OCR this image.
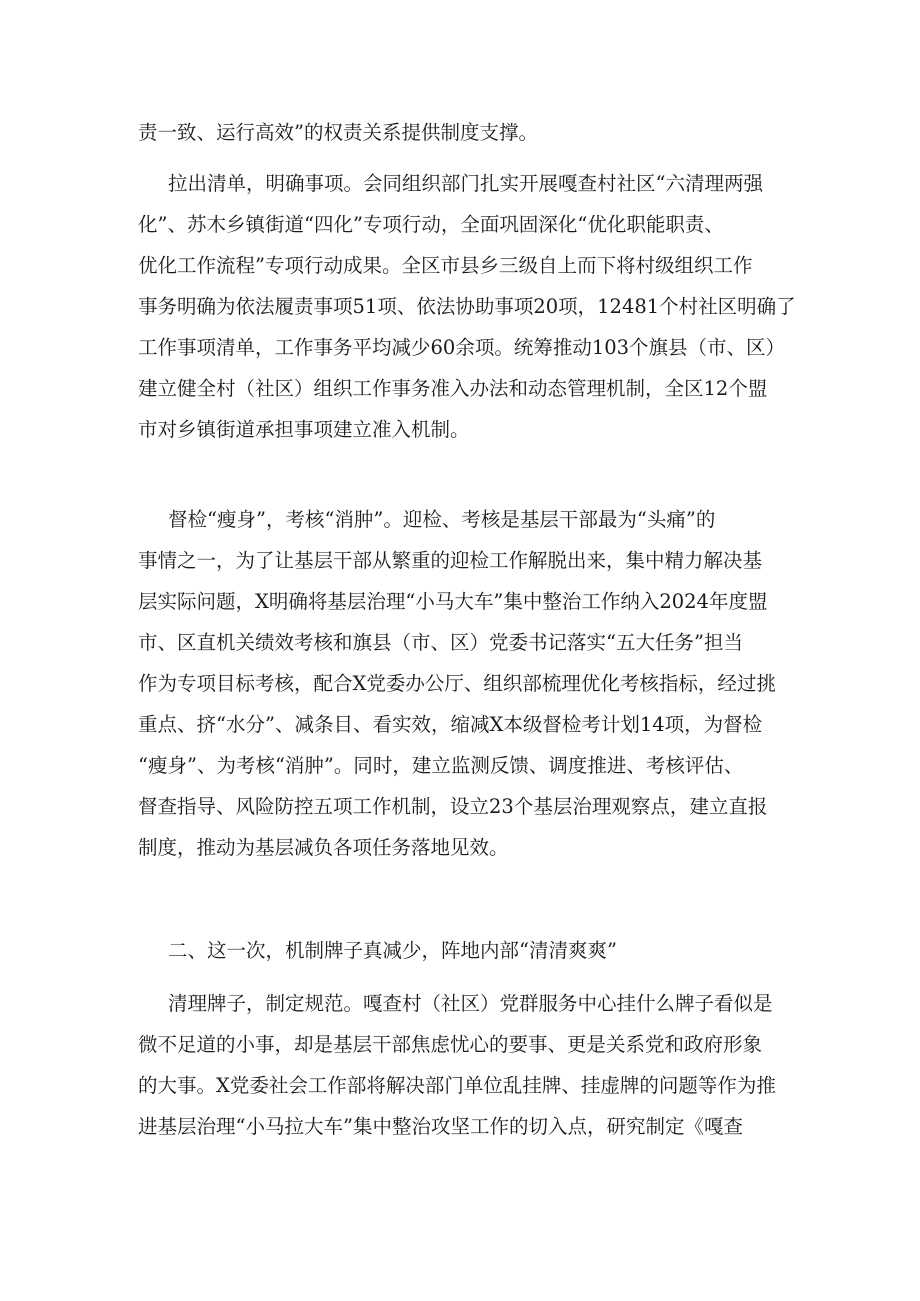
责一致、运行高效”的权责关系提供制度支撑。
拉出清单，明确事项。会同组织部门扎实开展嘎查村社区“六清理两强
化”、苏木乡镇街道“四化”专项行动，全面巩固深化“优化职能职责、
优化工作流程”专项行动成果。全区市县乡三级自上而下将村级组织工作
事务明确为依法履责事项51项、依法协助事项20项，12481个村社区明确了
工作事项清单，工作事务平均减少60余项。统筹推动103个旗县（市、区）
建立健全村（社区）组织工作事务准入办法和动态管理机制，全区12个盟
市对乡镇街道承担事项建立准入机制。
督检“瘦身”，考核“消肿”。迎检、考核是基层干部最为“头痛”的
事情之一，为了让基层干部从繁重的迎检工作解脱出来，集中精力解决基
层实际问题，X明确将基层治理“小马大车”集中整治工作纳入2024年度盟
市、区直机关绩效考核和旗县（市、区）党委书记落实“五大任务”担当
作为专项目标考核，配合X党委办公厅、组织部梳理优化考核指标，经过挑
重点、挤“水分”、减条目、看实效，缩减X本级督检考计划14项，为督检
“瘦身”、为考核“消肿”。同时，建立监测反馈、调度推进、考核评估、
督查指导、风险防控五项工作机制，设立23个基层治理观察点，建立直报
制度，推动为基层减负各项任务落地见效。
二、这一次，机制牌子真减少，阵地内部“清清爽爽”
清理牌子，制定规范。嘎查村（社区）党群服务中心挂什么牌子看似是
微不足道的小事，却是基层干部焦虑忧心的要事、更是关系党和政府形象
的大事。X党委社会工作部将解决部门单位乱挂牌、挂虚牌的问题等作为推
进基层治理“小马拉大车”集中整治攻坚工作的切入点，研究制定《嘎查
